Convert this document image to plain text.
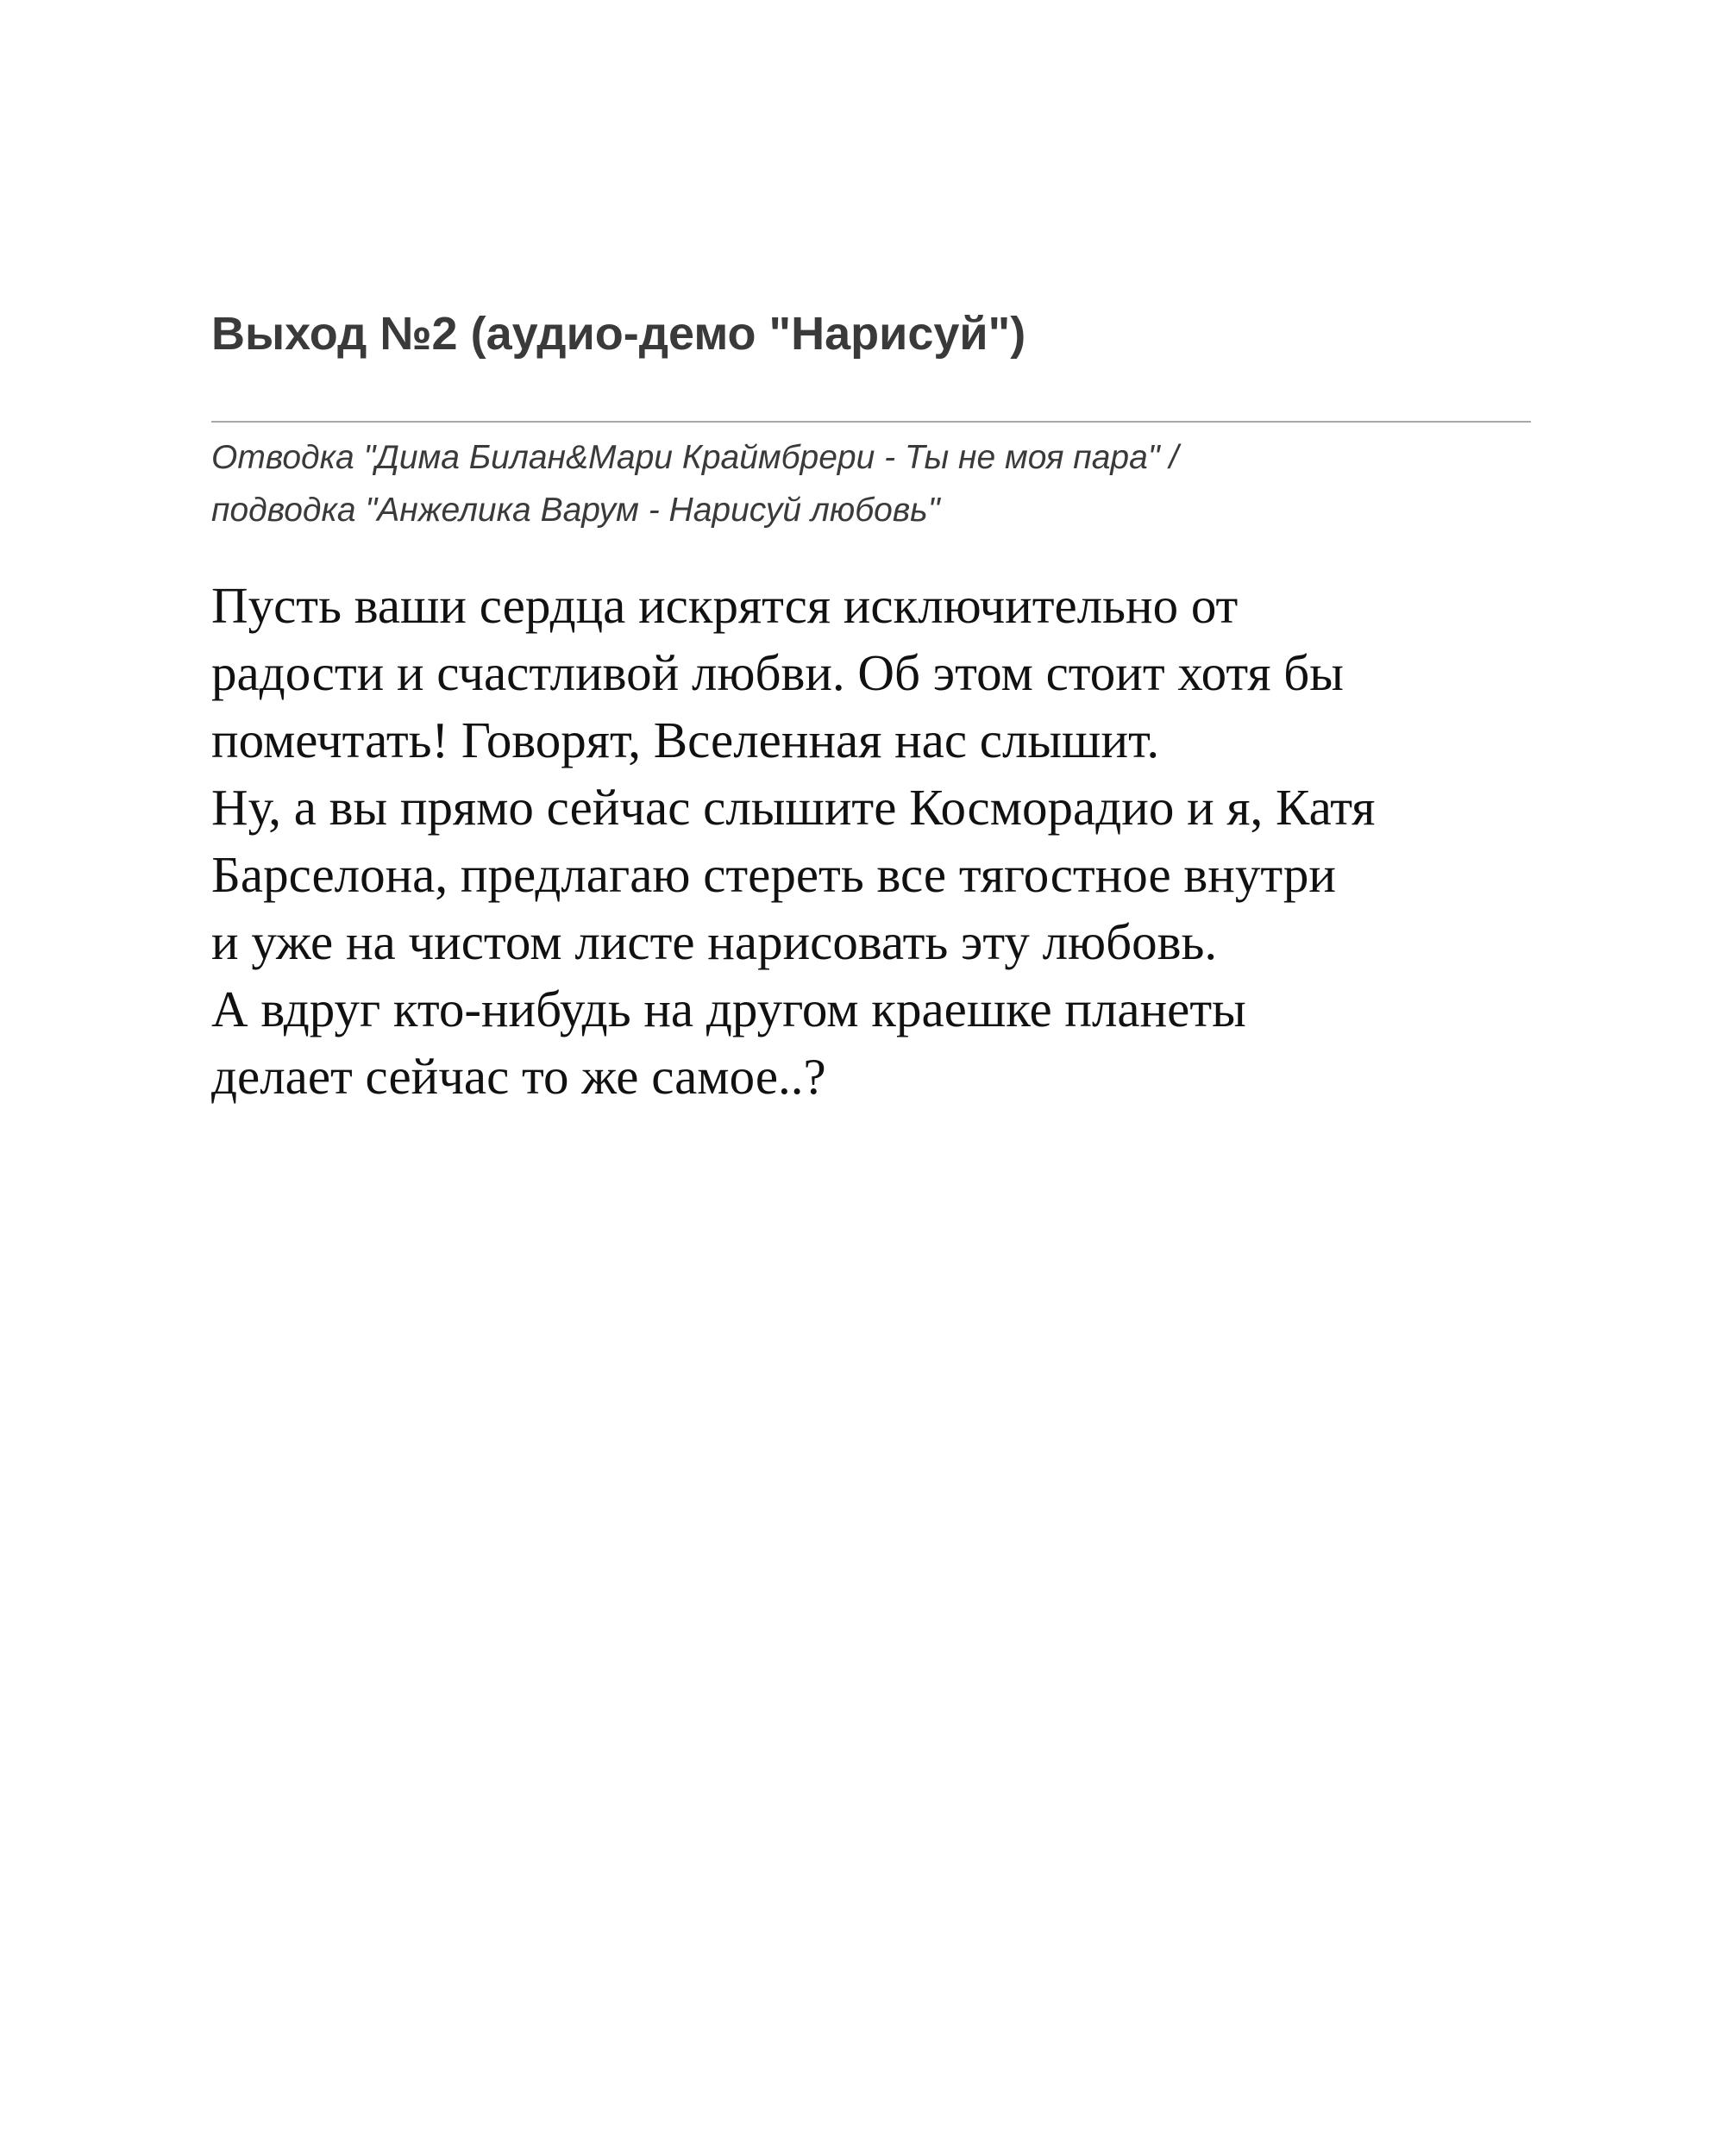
Выход №2 (аудио-демо "Нарисуй")
Отводка "Дима Билан&Мари Краймбрери - Ты не моя пара" /
подводка "Анжелика Варум - Нарисуй любовь"
Пусть ваши сердца искрятся исключительно от
радости и счастливой любви. Об этом стоит хотя бы
помечтать! Говорят, Вселенная нас слышит.
Ну, а вы прямо сейчас слышите Косморадио и я, Катя
Барселона, предлагаю стереть все тягостное внутри
и уже на чистом листе нарисовать эту любовь.
А вдруг кто-нибудь на другом краешке планеты
делает сейчас то же самое..?
